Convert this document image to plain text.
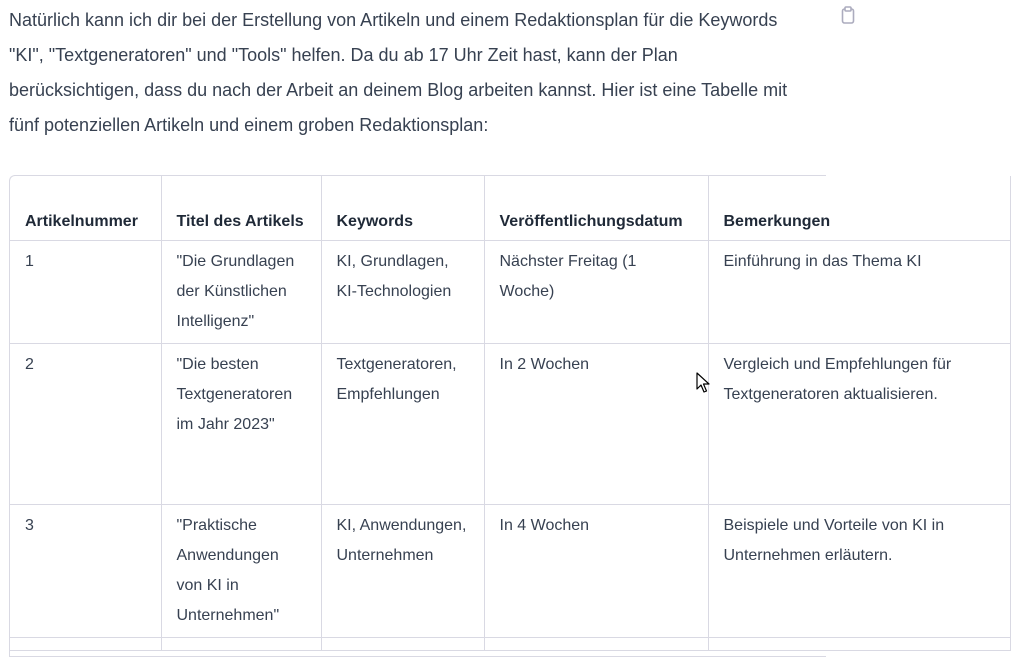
Natürlich kann ich dir bei der Erstellung von Artikeln und einem Redaktionsplan für die Keywords "KI", "Textgeneratoren" und "Tools" helfen. Da du ab 17 Uhr Zeit hast, kann der Plan berücksichtigen, dass du nach der Arbeit an deinem Blog arbeiten kannst. Hier ist eine Tabelle mit fünf potenziellen Artikeln und einem groben Redaktionsplan:

Artikelnummer	Titel des Artikels	Keywords	Veröffentlichungsdatum	Bemerkungen
1	"Die Grundlagen der Künstlichen Intelligenz"	KI, Grundlagen, KI-Technologien	Nächster Freitag (1 Woche)	Einführung in das Thema KI
2	"Die besten Textgeneratoren im Jahr 2023"	Textgeneratoren, Empfehlungen	In 2 Wochen	Vergleich und Empfehlungen für Textgeneratoren aktualisieren.
3	"Praktische Anwendungen von KI in Unternehmen"	KI, Anwendungen, Unternehmen	In 4 Wochen	Beispiele und Vorteile von KI in Unternehmen erläutern.
